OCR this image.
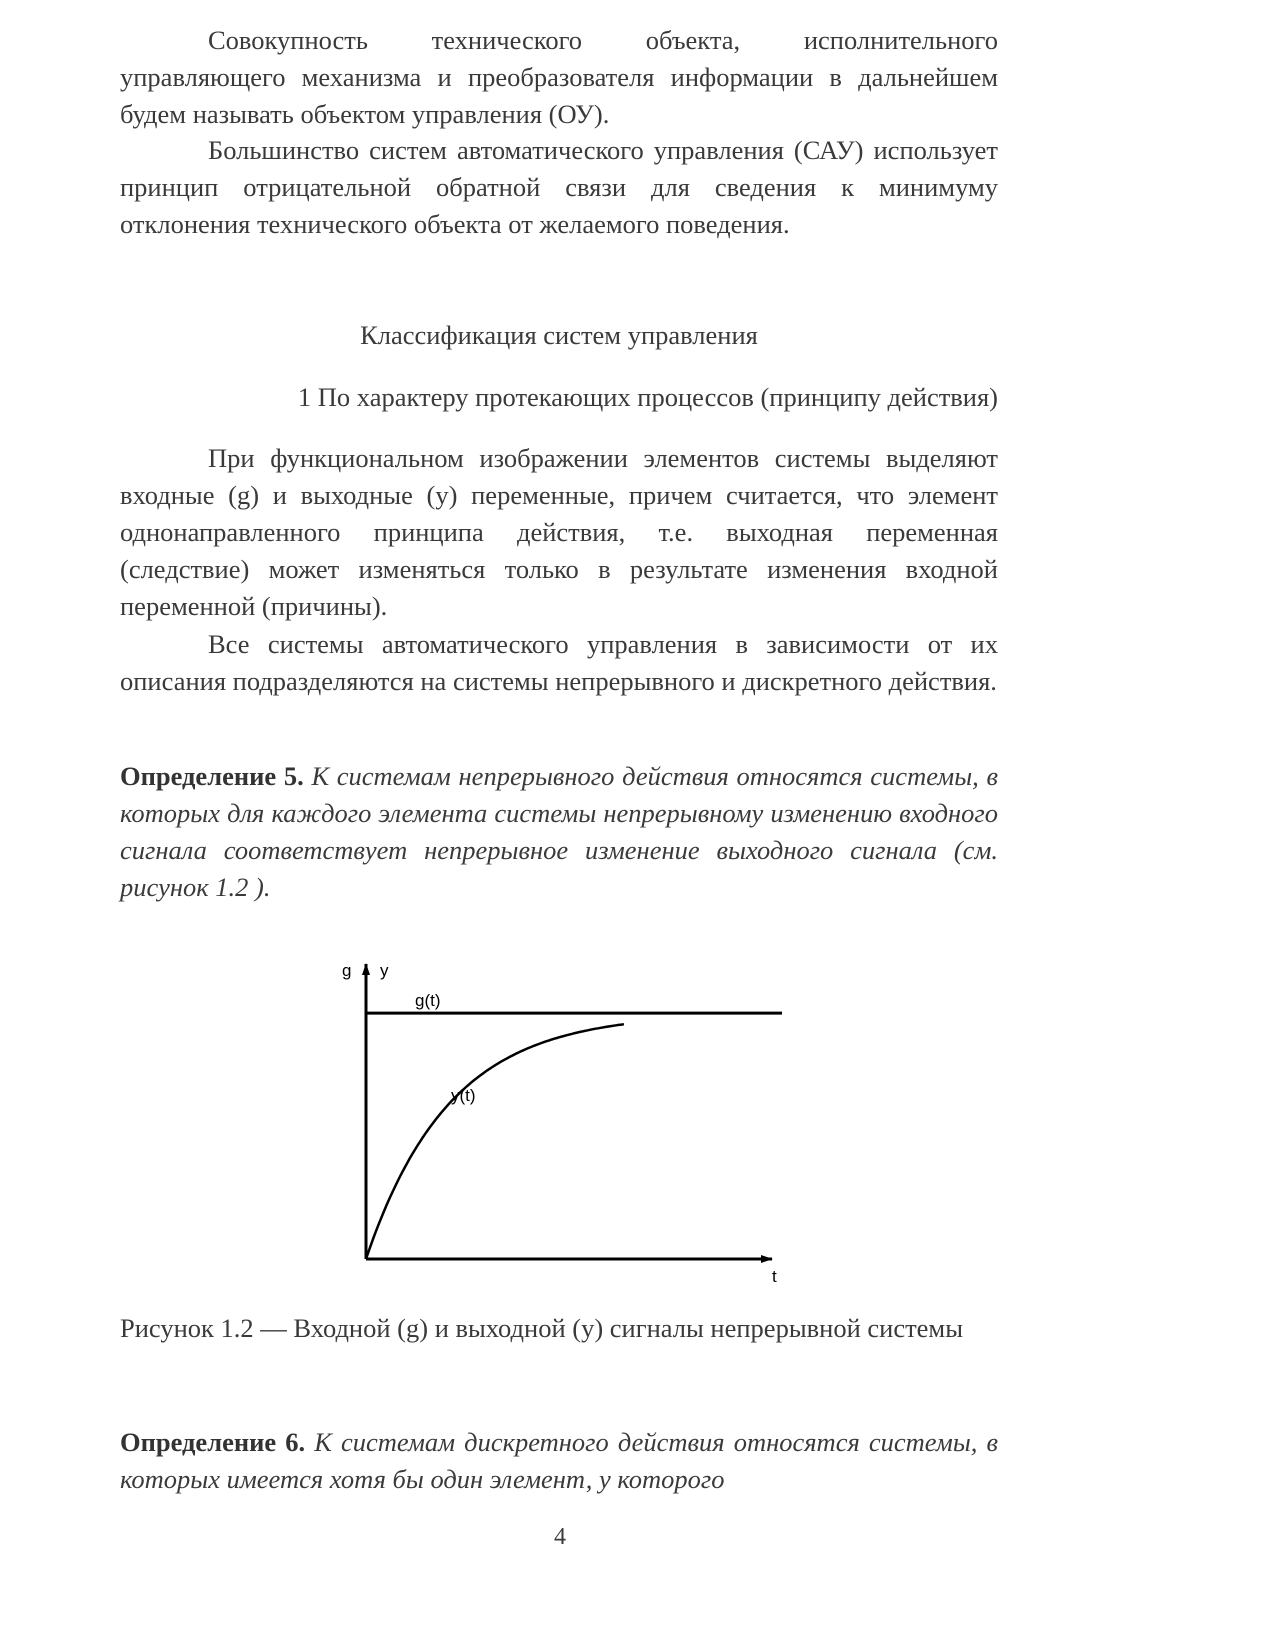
Совокупность технического объекта, исполнительного управляющего механизма и преобразователя информации в дальнейшем будем называть объектом управления (ОУ).
Большинство систем автоматического управления (САУ) использует принцип отрицательной обратной связи для сведения к минимуму отклонения технического объекта от желаемого поведения.
Классификация систем управления
1 По характеру протекающих процессов (принципу действия)
При функциональном изображении элементов системы выделяют входные (g) и выходные (y) переменные, причем считается, что элемент однонаправленного принципа действия, т.е. выходная переменная (следствие) может изменяться только в результате изменения входной переменной (причины).
Все системы автоматического управления в зависимости от их описания подразделяются на системы непрерывного и дискретного действия.
Определение 5. К системам непрерывного действия относятся системы, в которых для каждого элемента системы непрерывному изменению входного сигнала соответствует непрерывное изменение выходного сигнала (см. рисунок 1.2 ).
g y
g(t)
y(t)
t
Рисунок 1.2 — Входной (g) и выходной (y) сигналы непрерывной системы
Определение 6. К системам дискретного действия относятся системы, в которых имеется хотя бы один элемент, у которого
4
